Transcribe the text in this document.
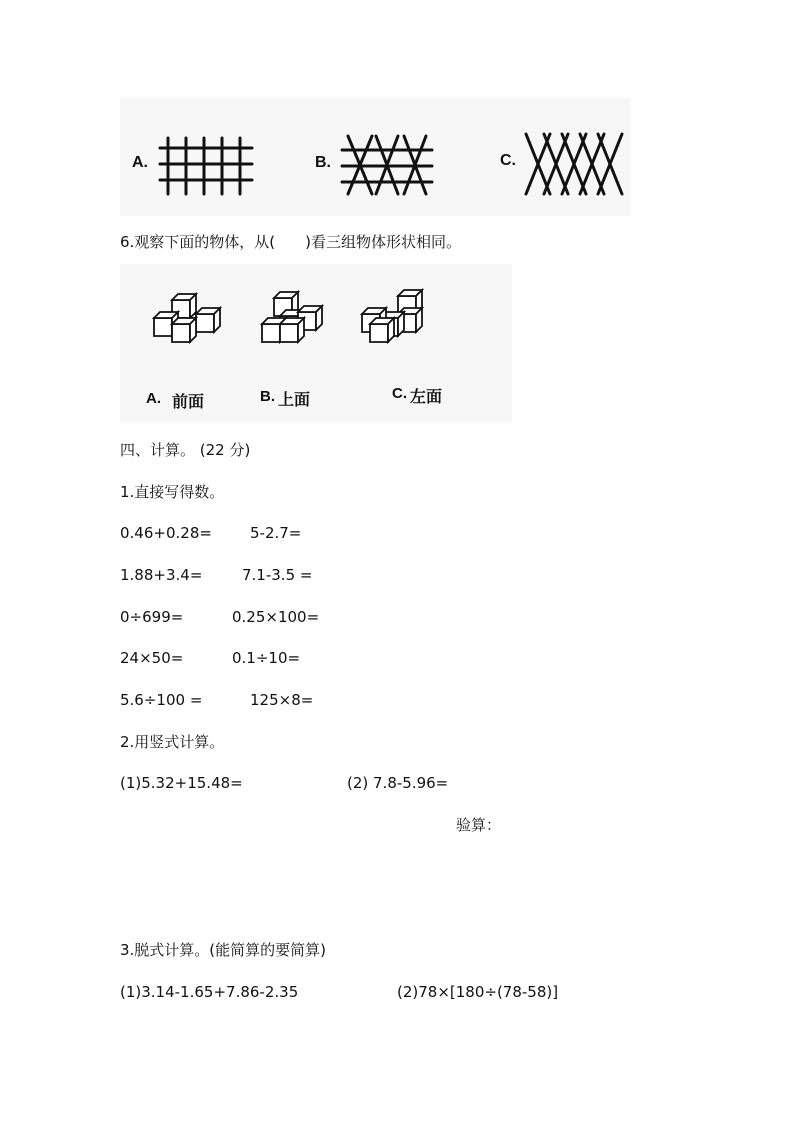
A.	B.	C.
6.观察下面的物体，从(　　)看三组物体形状相同。
A. 前面	B. 上面	C. 左面
四、计算。 (22 分)
1.直接写得数。
0.46+0.28=	5-2.7=
1.88+3.4=	7.1-3.5 =
0÷699=	0.25×100=
24×50=	0.1÷10=
5.6÷100 =	125×8=
2.用竖式计算。
(1)5.32+15.48=	(2) 7.8-5.96=
验算：
3.脱式计算。(能简算的要简算)
(1)3.14-1.65+7.86-2.35	(2)78×[180÷(78-58)]
